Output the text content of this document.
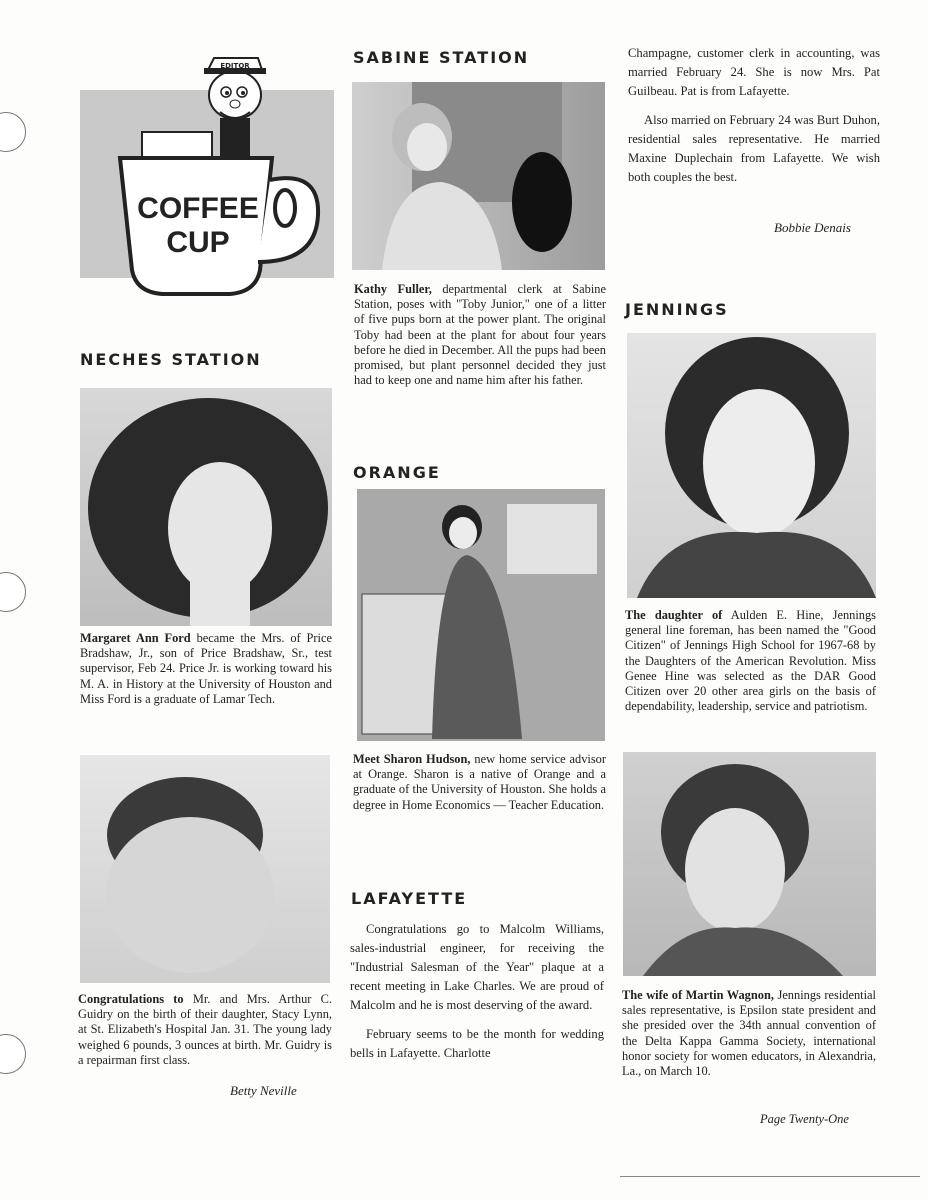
EDITOR
COFFEE
CUP
NECHES STATION
Margaret Ann Ford became the Mrs. of Price Bradshaw, Jr., son of Price Bradshaw, Sr., test supervisor, Feb 24. Price Jr. is working toward his M. A. in History at the University of Houston and Miss Ford is a graduate of Lamar Tech.
Congratulations to Mr. and Mrs. Arthur C. Guidry on the birth of their daughter, Stacy Lynn, at St. Elizabeth's Hospital Jan. 31. The young lady weighed 6 pounds, 3 ounces at birth. Mr. Guidry is a repairman first class.
Betty Neville
SABINE STATION
Kathy Fuller, departmental clerk at Sabine Station, poses with "Toby Junior," one of a litter of five pups born at the power plant. The original Toby had been at the plant for about four years before he died in December. All the pups had been promised, but plant personnel decided they just had to keep one and name him after his father.
ORANGE
Meet Sharon Hudson, new home service advisor at Orange. Sharon is a native of Orange and a graduate of the University of Houston. She holds a degree in Home Economics — Teacher Education.
LAFAYETTE

Congratulations go to Malcolm Williams, sales-industrial engineer, for receiving the "Industrial Salesman of the Year" plaque at a recent meeting in Lake Charles. We are proud of Malcolm and he is most deserving of the award.

February seems to be the month for wedding bells in Lafayette. Charlotte

Champagne, customer clerk in accounting, was married February 24. She is now Mrs. Pat Guilbeau. Pat is from Lafayette.

Also married on February 24 was Burt Duhon, residential sales representative. He married Maxine Duplechain from Lafayette. We wish both couples the best.

Bobbie Denais
JENNINGS
The daughter of Aulden E. Hine, Jennings general line foreman, has been named the "Good Citizen" of Jennings High School for 1967-68 by the Daughters of the American Revolution. Miss Genee Hine was selected as the DAR Good Citizen over 20 other area girls on the basis of dependability, leadership, service and patriotism.
The wife of Martin Wagnon, Jennings residential sales representative, is Epsilon state president and she presided over the 34th annual convention of the Delta Kappa Gamma Society, international honor society for women educators, in Alexandria, La., on March 10.
Page Twenty-One
